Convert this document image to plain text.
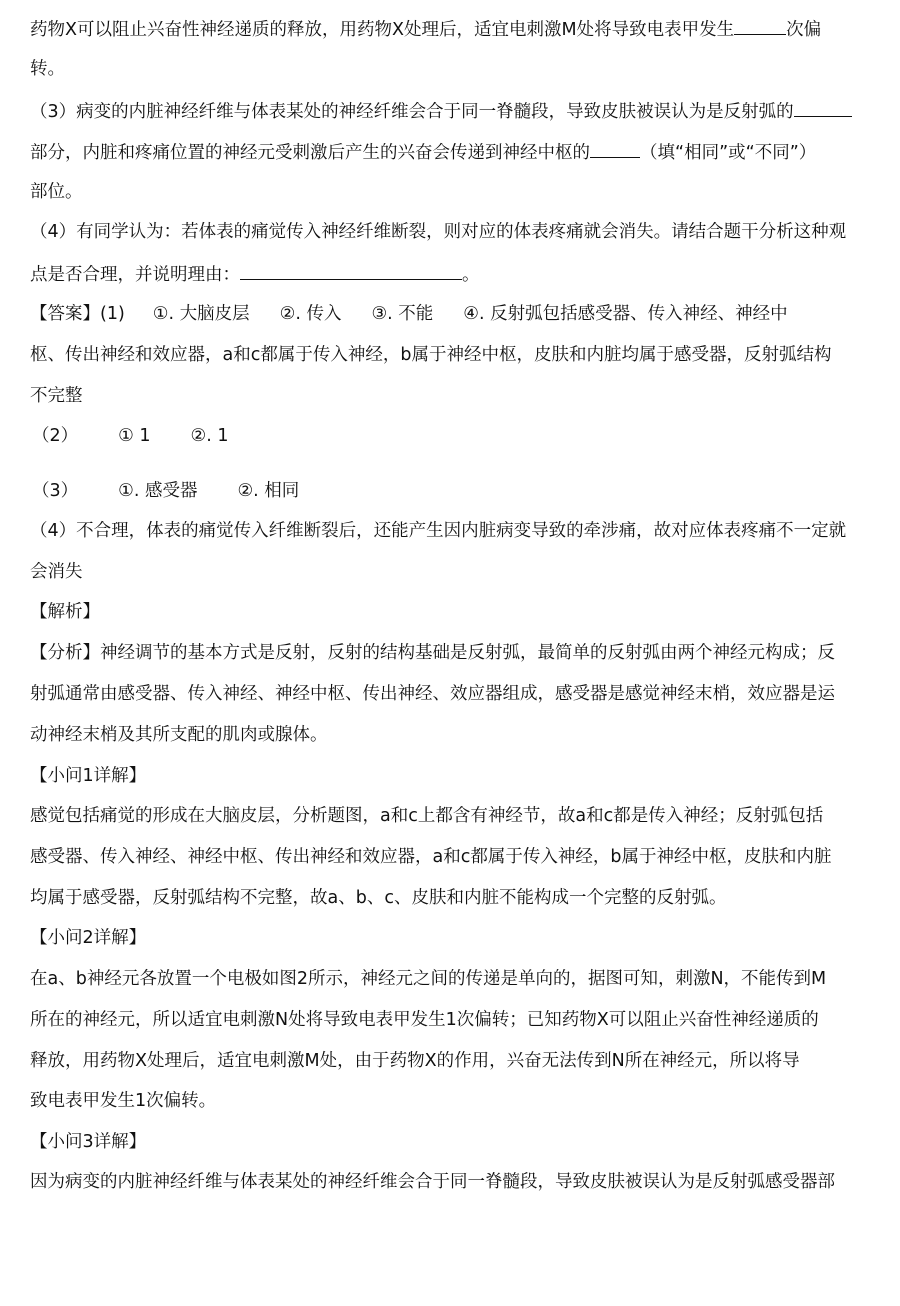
药物X可以阻止兴奋性神经递质的释放，用药物X处理后，适宜电刺激M处将导致电表甲发生	次偏
转。
（3）病变的内脏神经纤维与体表某处的神经纤维会合于同一脊髓段，导致皮肤被误认为是反射弧的
部分，内脏和疼痛位置的神经元受刺激后产生的兴奋会传递到神经中枢的	（填“相同”或“不同”）
部位。
（4）有同学认为：若体表的痛觉传入神经纤维断裂，则对应的体表疼痛就会消失。请结合题干分析这种观
点是否合理，并说明理由：	。
【答案】(1) ①. 大脑皮层 ②. 传入 ③. 不能 ④. 反射弧包括感受器、传入神经、神经中
枢、传出神经和效应器，a和c都属于传入神经，b属于神经中枢，皮肤和内脏均属于感受器，反射弧结构
不完整
（2） ① 1 ②. 1
（3） ①. 感受器 ②. 相同
（4）不合理，体表的痛觉传入纤维断裂后，还能产生因内脏病变导致的牵涉痛，故对应体表疼痛不一定就
会消失
【解析】
【分析】神经调节的基本方式是反射，反射的结构基础是反射弧，最简单的反射弧由两个神经元构成；反
射弧通常由感受器、传入神经、神经中枢、传出神经、效应器组成，感受器是感觉神经末梢，效应器是运
动神经末梢及其所支配的肌肉或腺体。
【小问1详解】
感觉包括痛觉的形成在大脑皮层，分析题图，a和c上都含有神经节，故a和c都是传入神经；反射弧包括
感受器、传入神经、神经中枢、传出神经和效应器，a和c都属于传入神经，b属于神经中枢，皮肤和内脏
均属于感受器，反射弧结构不完整，故a、b、c、皮肤和内脏不能构成一个完整的反射弧。
【小问2详解】
在a、b神经元各放置一个电极如图2所示，神经元之间的传递是单向的，据图可知，刺激N，不能传到M
所在的神经元，所以适宜电刺激N处将导致电表甲发生1次偏转；已知药物X可以阻止兴奋性神经递质的
释放，用药物X处理后，适宜电刺激M处，由于药物X的作用，兴奋无法传到N所在神经元，所以将导
致电表甲发生1次偏转。
【小问3详解】
因为病变的内脏神经纤维与体表某处的神经纤维会合于同一脊髓段，导致皮肤被误认为是反射弧感受器部
